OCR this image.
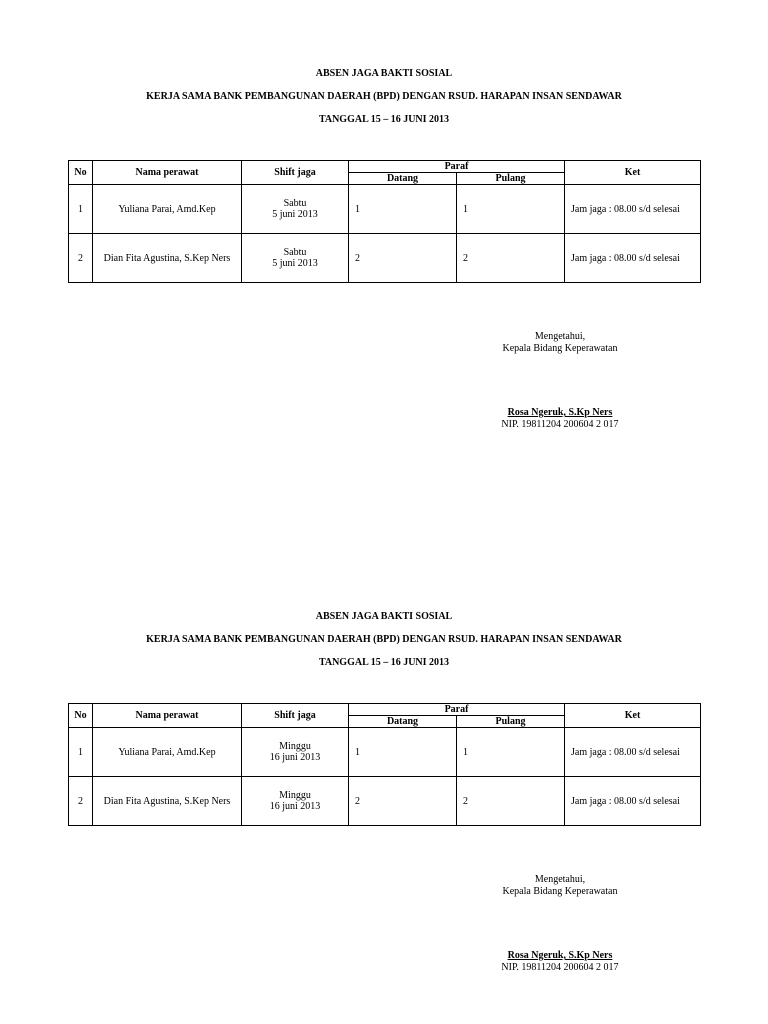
ABSEN JAGA BAKTI SOSIAL
KERJA SAMA BANK PEMBANGUNAN DAERAH (BPD) DENGAN RSUD. HARAPAN INSAN SENDAWAR
TANGGAL 15 – 16 JUNI 2013
No	Nama perawat	Shift jaga	Paraf		Ket
			Datang	Pulang	
1	Yuliana Parai, Amd.Kep	Sabtu
5 juni 2013	1	1	Jam jaga : 08.00 s/d selesai
2	Dian Fita Agustina, S.Kep Ners	Sabtu
5 juni 2013	2	2	Jam jaga : 08.00 s/d selesai
Mengetahui,
Kepala Bidang Keperawatan
Rosa Ngeruk, S.Kp Ners
NIP. 19811204 200604 2 017
ABSEN JAGA BAKTI SOSIAL
KERJA SAMA BANK PEMBANGUNAN DAERAH (BPD) DENGAN RSUD. HARAPAN INSAN SENDAWAR
TANGGAL 15 – 16 JUNI 2013
No	Nama perawat	Shift jaga	Paraf		Ket
			Datang	Pulang	
1	Yuliana Parai, Amd.Kep	Minggu
16 juni 2013	1	1	Jam jaga : 08.00 s/d selesai
2	Dian Fita Agustina, S.Kep Ners	Minggu
16 juni 2013	2	2	Jam jaga : 08.00 s/d selesai
Mengetahui,
Kepala Bidang Keperawatan
Rosa Ngeruk, S.Kp Ners
NIP. 19811204 200604 2 017
